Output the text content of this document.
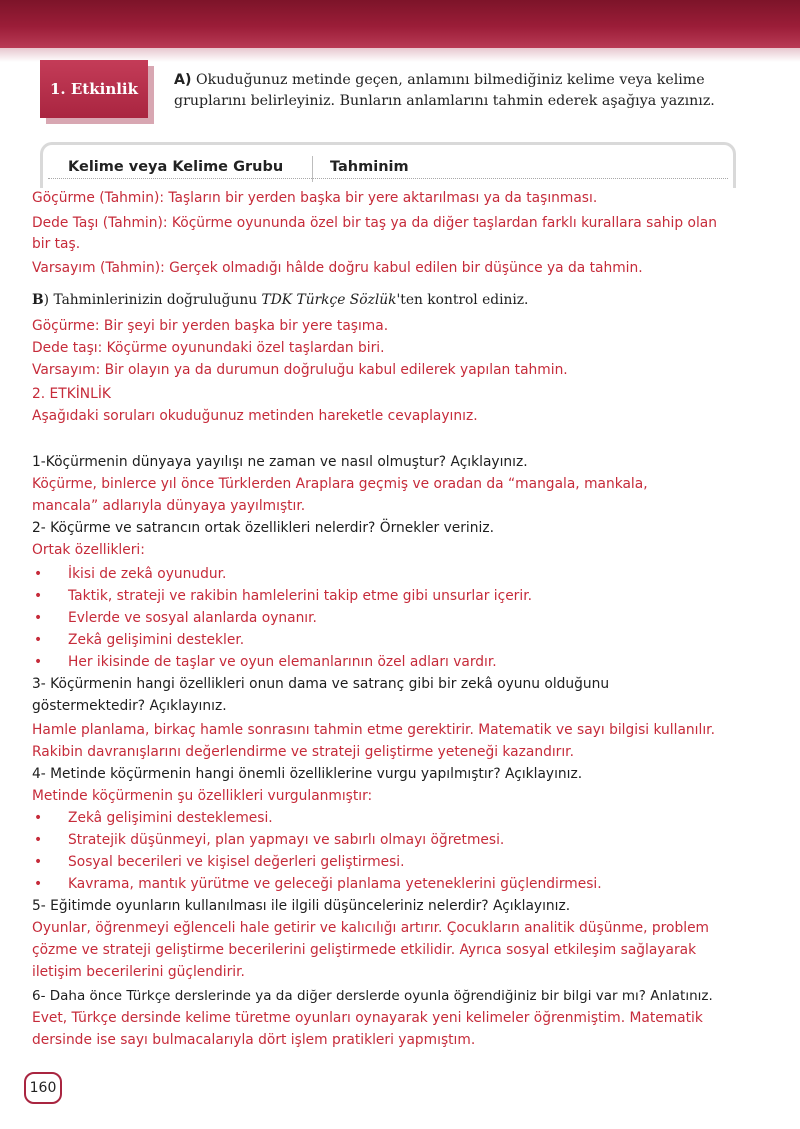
1. Etkinlik	A) Okuduğunuz metinde geçen, anlamını bilmediğiniz kelime veya kelime
gruplarını belirleyiniz. Bunların anlamlarını tahmin ederek aşağıya yazınız.
Kelime veya Kelime Grubu	Tahminim
Göçürme (Tahmin): Taşların bir yerden başka bir yere aktarılması ya da taşınması.
Dede Taşı (Tahmin): Köçürme oyununda özel bir taş ya da diğer taşlardan farklı kurallara sahip olan
bir taş.
Varsayım (Tahmin): Gerçek olmadığı hâlde doğru kabul edilen bir düşünce ya da tahmin.
B) Tahminlerinizin doğruluğunu TDK Türkçe Sözlük'ten kontrol ediniz.
Göçürme: Bir şeyi bir yerden başka bir yere taşıma.
Dede taşı: Köçürme oyunundaki özel taşlardan biri.
Varsayım: Bir olayın ya da durumun doğruluğu kabul edilerek yapılan tahmin.
2. ETKİNLİK
Aşağıdaki soruları okuduğunuz metinden hareketle cevaplayınız.
1-Köçürmenin dünyaya yayılışı ne zaman ve nasıl olmuştur? Açıklayınız.
Köçürme, binlerce yıl önce Türklerden Araplara geçmiş ve oradan da “mangala, mankala,
mancala” adlarıyla dünyaya yayılmıştır.
2- Köçürme ve satrancın ortak özellikleri nelerdir? Örnekler veriniz.
Ortak özellikleri:
• İkisi de zekâ oyunudur.
• Taktik, strateji ve rakibin hamlelerini takip etme gibi unsurlar içerir.
• Evlerde ve sosyal alanlarda oynanır.
• Zekâ gelişimini destekler.
• Her ikisinde de taşlar ve oyun elemanlarının özel adları vardır.
3- Köçürmenin hangi özellikleri onun dama ve satranç gibi bir zekâ oyunu olduğunu
göstermektedir? Açıklayınız.
Hamle planlama, birkaç hamle sonrasını tahmin etme gerektirir. Matematik ve sayı bilgisi kullanılır.
Rakibin davranışlarını değerlendirme ve strateji geliştirme yeteneği kazandırır.
4- Metinde köçürmenin hangi önemli özelliklerine vurgu yapılmıştır? Açıklayınız.
Metinde köçürmenin şu özellikleri vurgulanmıştır:
• Zekâ gelişimini desteklemesi.
• Stratejik düşünmeyi, plan yapmayı ve sabırlı olmayı öğretmesi.
• Sosyal becerileri ve kişisel değerleri geliştirmesi.
• Kavrama, mantık yürütme ve geleceği planlama yeteneklerini güçlendirmesi.
5- Eğitimde oyunların kullanılması ile ilgili düşünceleriniz nelerdir? Açıklayınız.
Oyunlar, öğrenmeyi eğlenceli hale getirir ve kalıcılığı artırır. Çocukların analitik düşünme, problem
çözme ve strateji geliştirme becerilerini geliştirmede etkilidir. Ayrıca sosyal etkileşim sağlayarak
iletişim becerilerini güçlendirir.
6- Daha önce Türkçe derslerinde ya da diğer derslerde oyunla öğrendiğiniz bir bilgi var mı? Anlatınız.
Evet, Türkçe dersinde kelime türetme oyunları oynayarak yeni kelimeler öğrenmiştim. Matematik
dersinde ise sayı bulmacalarıyla dört işlem pratikleri yapmıştım.
160
